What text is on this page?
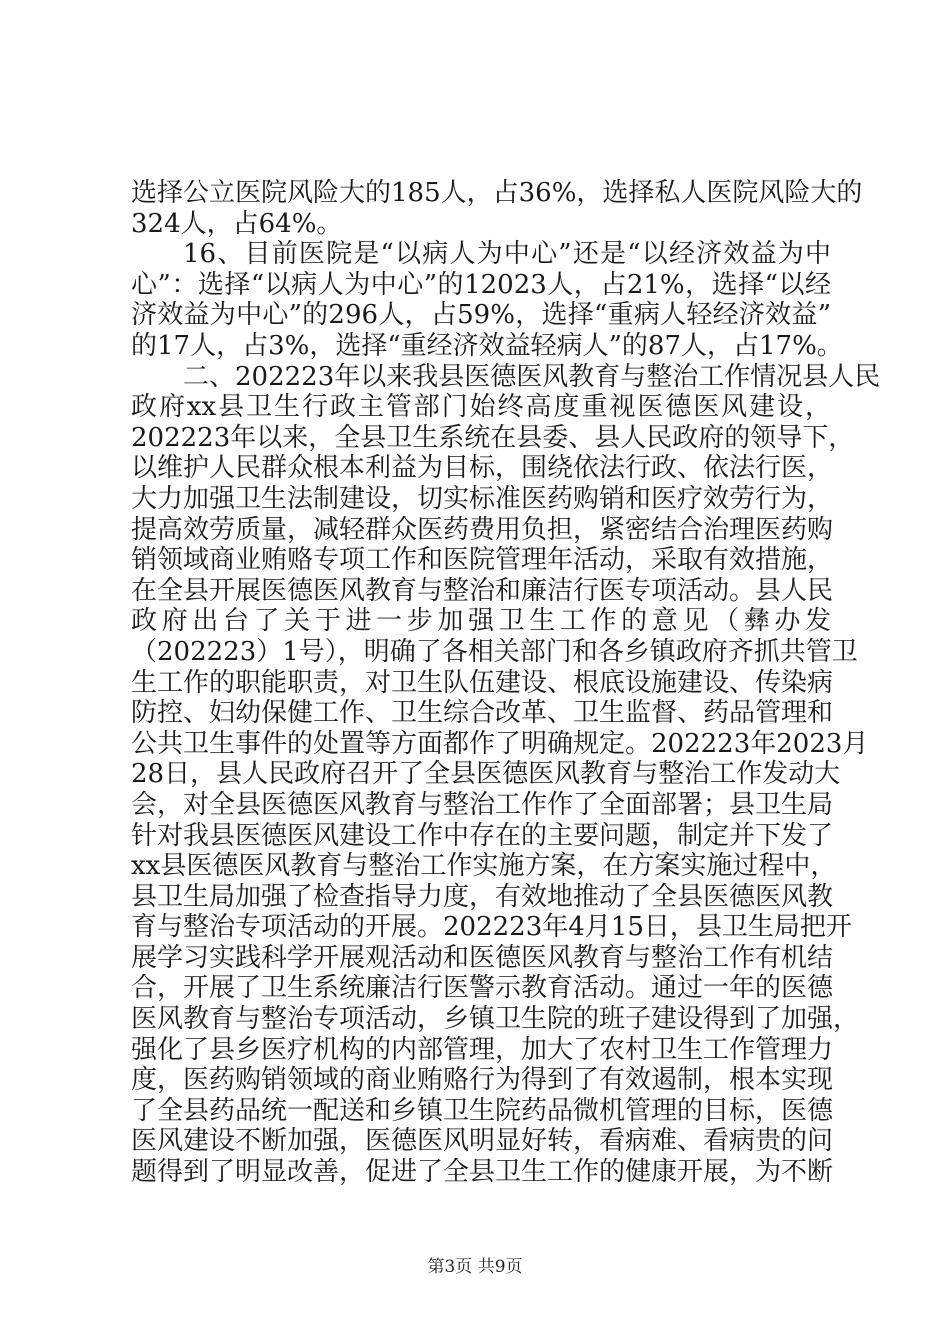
选择公立医院风险大的185人，占36%，选择私人医院风险大的
324人，占64%。
16、目前医院是“以病人为中心”还是“以经济效益为中
心”：选择“以病人为中心”的12023人，占21%，选择“以经
济效益为中心”的296人，占59%，选择“重病人轻经济效益”
的17人，占3%，选择“重经济效益轻病人”的87人，占17%。
二、202223年以来我县医德医风教育与整治工作情况县人民
政府xx县卫生行政主管部门始终高度重视医德医风建设，
202223年以来，全县卫生系统在县委、县人民政府的领导下，
以维护人民群众根本利益为目标，围绕依法行政、依法行医，
大力加强卫生法制建设，切实标准医药购销和医疗效劳行为，
提高效劳质量，减轻群众医药费用负担，紧密结合治理医药购
销领域商业贿赂专项工作和医院管理年活动，采取有效措施，
在全县开展医德医风教育与整治和廉洁行医专项活动。县人民
政府出台了关于进一步加强卫生工作的意见（彝办发
（202223）1号），明确了各相关部门和各乡镇政府齐抓共管卫
生工作的职能职责，对卫生队伍建设、根底设施建设、传染病
防控、妇幼保健工作、卫生综合改革、卫生监督、药品管理和
公共卫生事件的处置等方面都作了明确规定。202223年2023月
28日，县人民政府召开了全县医德医风教育与整治工作发动大
会，对全县医德医风教育与整治工作作了全面部署；县卫生局
针对我县医德医风建设工作中存在的主要问题，制定并下发了
xx县医德医风教育与整治工作实施方案，在方案实施过程中，
县卫生局加强了检查指导力度，有效地推动了全县医德医风教
育与整治专项活动的开展。202223年4月15日，县卫生局把开
展学习实践科学开展观活动和医德医风教育与整治工作有机结
合，开展了卫生系统廉洁行医警示教育活动。通过一年的医德
医风教育与整治专项活动，乡镇卫生院的班子建设得到了加强，
强化了县乡医疗机构的内部管理，加大了农村卫生工作管理力
度，医药购销领域的商业贿赂行为得到了有效遏制，根本实现
了全县药品统一配送和乡镇卫生院药品微机管理的目标，医德
医风建设不断加强，医德医风明显好转，看病难、看病贵的问
题得到了明显改善，促进了全县卫生工作的健康开展，为不断
第3页 共9页
